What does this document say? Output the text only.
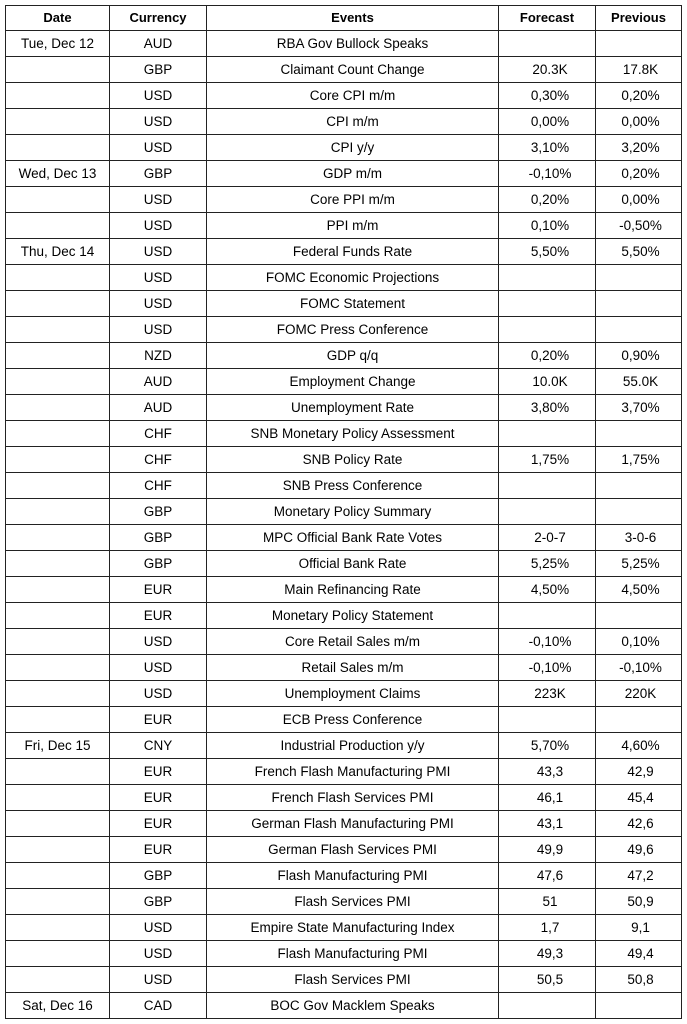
Date	Currency	Events	Forecast	Previous
Tue, Dec 12	AUD	RBA Gov Bullock Speaks		
	GBP	Claimant Count Change	20.3K	17.8K
	USD	Core CPI m/m	0,30%	0,20%
	USD	CPI m/m	0,00%	0,00%
	USD	CPI y/y	3,10%	3,20%
Wed, Dec 13	GBP	GDP m/m	-0,10%	0,20%
	USD	Core PPI m/m	0,20%	0,00%
	USD	PPI m/m	0,10%	-0,50%
Thu, Dec 14	USD	Federal Funds Rate	5,50%	5,50%
	USD	FOMC Economic Projections		
	USD	FOMC Statement		
	USD	FOMC Press Conference		
	NZD	GDP q/q	0,20%	0,90%
	AUD	Employment Change	10.0K	55.0K
	AUD	Unemployment Rate	3,80%	3,70%
	CHF	SNB Monetary Policy Assessment		
	CHF	SNB Policy Rate	1,75%	1,75%
	CHF	SNB Press Conference		
	GBP	Monetary Policy Summary		
	GBP	MPC Official Bank Rate Votes	2-0-7	3-0-6
	GBP	Official Bank Rate	5,25%	5,25%
	EUR	Main Refinancing Rate	4,50%	4,50%
	EUR	Monetary Policy Statement		
	USD	Core Retail Sales m/m	-0,10%	0,10%
	USD	Retail Sales m/m	-0,10%	-0,10%
	USD	Unemployment Claims	223K	220K
	EUR	ECB Press Conference		
Fri, Dec 15	CNY	Industrial Production y/y	5,70%	4,60%
	EUR	French Flash Manufacturing PMI	43,3	42,9
	EUR	French Flash Services PMI	46,1	45,4
	EUR	German Flash Manufacturing PMI	43,1	42,6
	EUR	German Flash Services PMI	49,9	49,6
	GBP	Flash Manufacturing PMI	47,6	47,2
	GBP	Flash Services PMI	51	50,9
	USD	Empire State Manufacturing Index	1,7	9,1
	USD	Flash Manufacturing PMI	49,3	49,4
	USD	Flash Services PMI	50,5	50,8
Sat, Dec 16	CAD	BOC Gov Macklem Speaks		
